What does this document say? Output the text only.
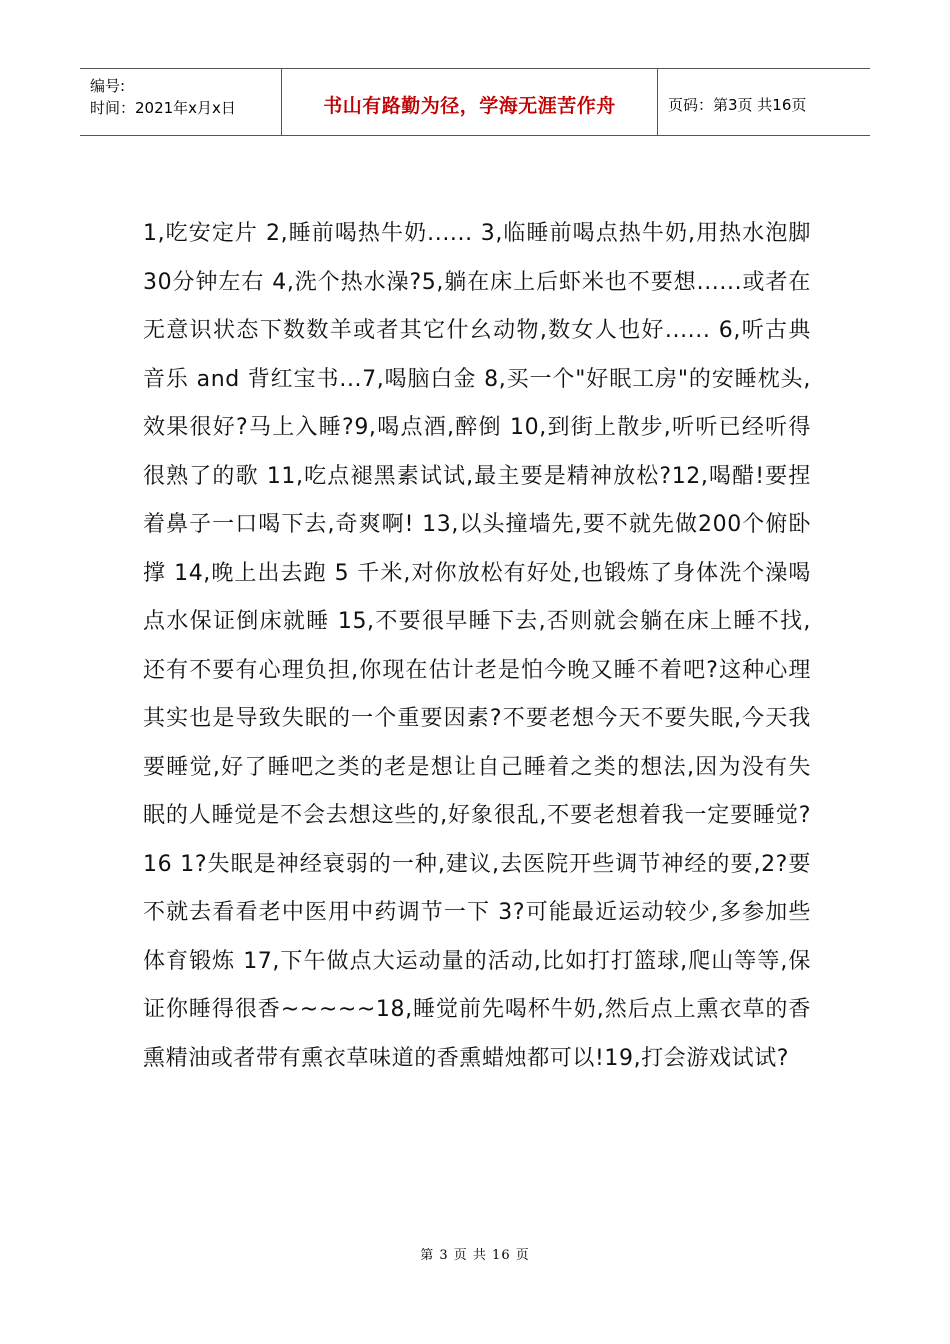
编号:
时间：2021年x月x日	书山有路勤为径，学海无涯苦作舟	页码：第3页 共16页
1,吃安定片 2,睡前喝热牛奶...... 3,临睡前喝点热牛奶,用热水泡脚30分钟左右 4,洗个热水澡?5,躺在床上后虾米也不要想......或者在无意识状态下数数羊或者其它什幺动物,数女人也好...... 6,听古典音乐 and 背红宝书...7,喝脑白金 8,买一个"好眠工房"的安睡枕头,效果很好?马上入睡?9,喝点酒,醉倒 10,到街上散步,听听已经听得很熟了的歌 11,吃点褪黑素试试,最主要是精神放松?12,喝醋!要捏着鼻子一口喝下去,奇爽啊! 13,以头撞墙先,要不就先做200个俯卧撑 14,晚上出去跑 5 千米,对你放松有好处,也锻炼了身体洗个澡喝点水保证倒床就睡 15,不要很早睡下去,否则就会躺在床上睡不找,还有不要有心理负担,你现在估计老是怕今晚又睡不着吧?这种心理其实也是导致失眠的一个重要因素?不要老想今天不要失眠,今天我要睡觉,好了睡吧之类的老是想让自己睡着之类的想法,因为没有失眠的人睡觉是不会去想这些的,好象很乱,不要老想着我一定要睡觉?16 1?失眠是神经衰弱的一种,建议,去医院开些调节神经的要,2?要不就去看看老中医用中药调节一下 3?可能最近运动较少,多参加些体育锻炼 17,下午做点大运动量的活动,比如打打篮球,爬山等等,保证你睡得很香~~~~~18,睡觉前先喝杯牛奶,然后点上熏衣草的香熏精油或者带有熏衣草味道的香熏蜡烛都可以!19,打会游戏试试?
第 3 页 共 16 页
